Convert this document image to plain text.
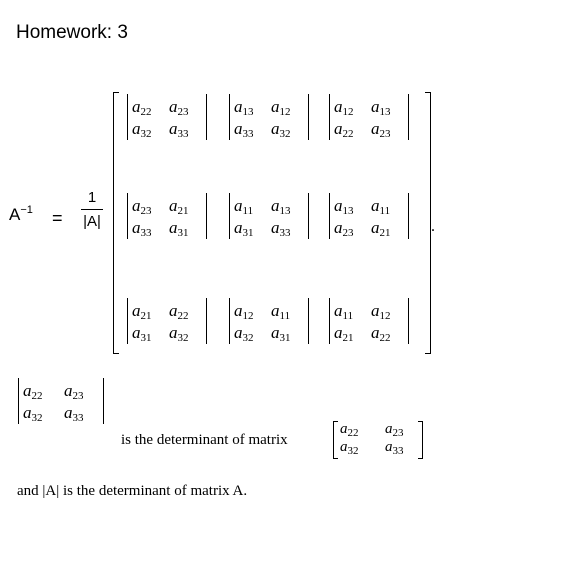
Homework: 3
$A^{-1}$ =
1
|A|	.
$a_{22}$ $a_{23}$
$a_{32}$ $a_{33}$
$a_{13}$ $a_{12}$
$a_{33}$ $a_{32}$
$a_{12}$ $a_{13}$
$a_{22}$ $a_{23}$
$a_{23}$ $a_{21}$
$a_{33}$ $a_{31}$
$a_{11}$ $a_{13}$
$a_{31}$ $a_{33}$
$a_{13}$ $a_{11}$
$a_{23}$ $a_{21}$
$a_{21}$ $a_{22}$
$a_{31}$ $a_{32}$
$a_{12}$ $a_{11}$
$a_{32}$ $a_{31}$
$a_{11}$ $a_{12}$
$a_{21}$ $a_{22}$
$a_{22}$ $a_{23}$
$a_{32}$ $a_{33}$
is the determinant of matrix
$a_{22}$ $a_{23}$
$a_{32}$ $a_{33}$
and |A| is the determinant of matrix A.
